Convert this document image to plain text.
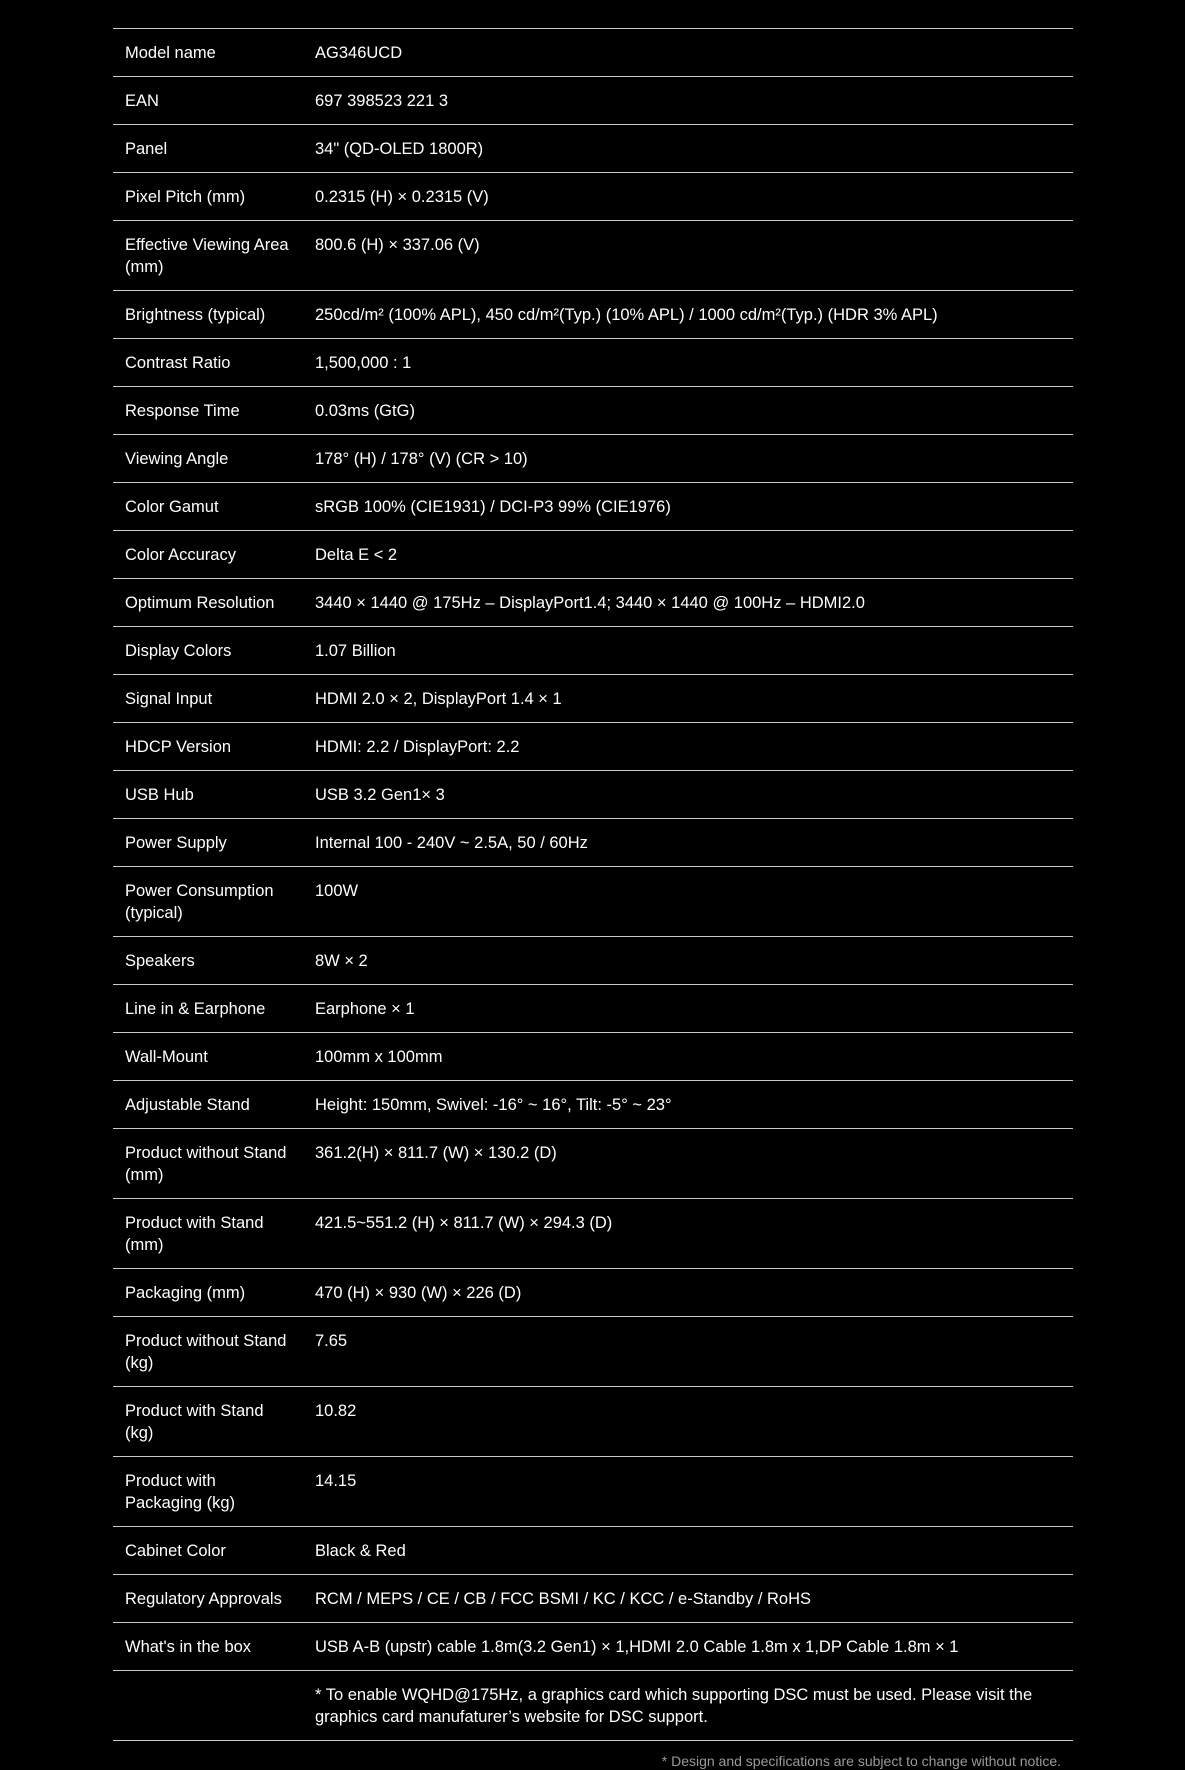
Model name	AG346UCD
EAN	697 398523 221 3
Panel	34" (QD-OLED 1800R)
Pixel Pitch (mm)	0.2315 (H) × 0.2315 (V)
Effective Viewing Area (mm)	800.6 (H) × 337.06 (V)
Brightness (typical)	250cd/m² (100% APL), 450 cd/m²(Typ.) (10% APL) / 1000 cd/m²(Typ.) (HDR 3% APL)
Contrast Ratio	1,500,000 : 1
Response Time	0.03ms (GtG)
Viewing Angle	178° (H) / 178° (V) (CR > 10)
Color Gamut	sRGB 100% (CIE1931) / DCI-P3 99% (CIE1976)
Color Accuracy	Delta E < 2
Optimum Resolution	3440 × 1440 @ 175Hz – DisplayPort1.4; 3440 × 1440 @ 100Hz – HDMI2.0
Display Colors	1.07 Billion
Signal Input	HDMI 2.0 × 2, DisplayPort 1.4 × 1
HDCP Version	HDMI: 2.2 / DisplayPort: 2.2
USB Hub	USB 3.2 Gen1× 3
Power Supply	Internal 100 - 240V ~ 2.5A, 50 / 60Hz
Power Consumption (typical)	100W
Speakers	8W × 2
Line in & Earphone	Earphone × 1
Wall-Mount	100mm x 100mm
Adjustable Stand	Height: 150mm, Swivel: -16° ~ 16°, Tilt: -5° ~ 23°
Product without Stand (mm)	361.2(H) × 811.7 (W) × 130.2 (D)
Product with Stand (mm)	421.5~551.2 (H) × 811.7 (W) × 294.3 (D)
Packaging (mm)	470 (H) × 930 (W) × 226 (D)
Product without Stand (kg)	7.65
Product with Stand (kg)	10.82
Product with Packaging (kg)	14.15
Cabinet Color	Black & Red
Regulatory Approvals	RCM / MEPS / CE / CB / FCC BSMI / KC / KCC / e-Standby / RoHS
What's in the box	USB A-B (upstr) cable 1.8m(3.2 Gen1) × 1,HDMI 2.0 Cable 1.8m x 1,DP Cable 1.8m × 1
	* To enable WQHD@175Hz, a graphics card which supporting DSC must be used. Please visit the graphics card manufaturer’s website for DSC support.
* Design and specifications are subject to change without notice.
